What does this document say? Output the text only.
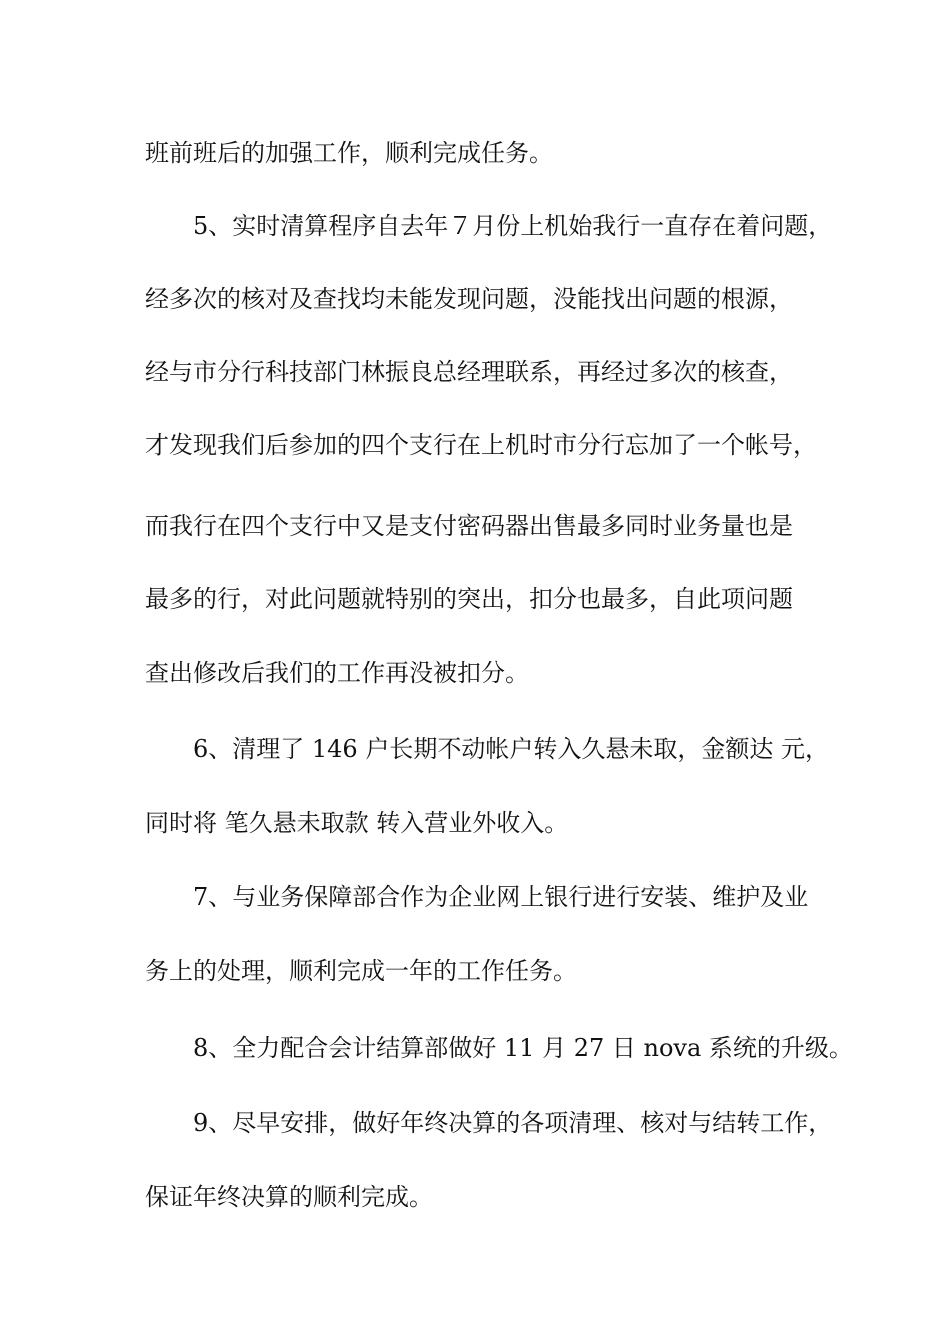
班前班后的加强工作，顺利完成任务。

5、实时清算程序自去年７月份上机始我行一直存在着问题，

经多次的核对及查找均未能发现问题，没能找出问题的根源，

经与市分行科技部门林振良总经理联系，再经过多次的核查，

才发现我们后参加的四个支行在上机时市分行忘加了一个帐号，

而我行在四个支行中又是支付密码器出售最多同时业务量也是

最多的行，对此问题就特别的突出，扣分也最多，自此项问题

查出修改后我们的工作再没被扣分。

6、清理了 146 户长期不动帐户转入久悬未取，金额达 元，

同时将 笔久悬未取款 转入营业外收入。

7、与业务保障部合作为企业网上银行进行安装、维护及业

务上的处理，顺利完成一年的工作任务。

8、全力配合会计结算部做好 11 月 27 日 nova 系统的升级。

9、尽早安排，做好年终决算的各项清理、核对与结转工作，

保证年终决算的顺利完成。
